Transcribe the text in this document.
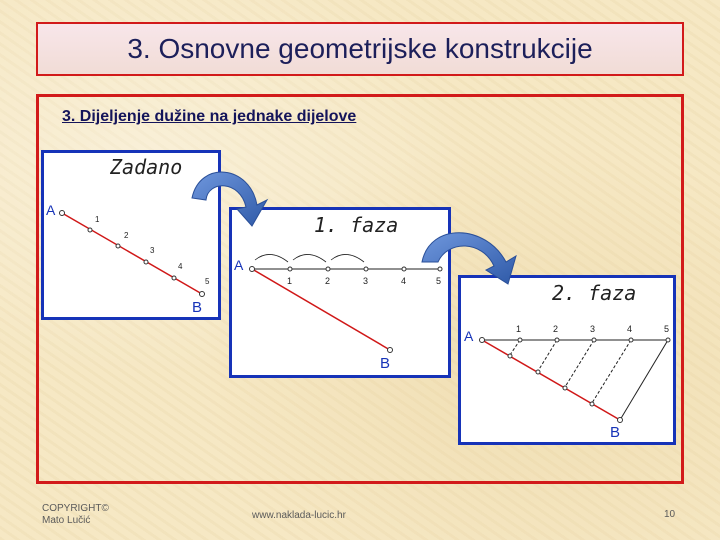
3. Osnovne geometrijske konstrukcije
3. Dijeljenje dužine na jednake dijelove
Zadano
A
B
1
2
3
4
5
1. faza
A
B
1	2	3	4	5	2. faza
A
B
1	2	3	4	5
COPYRIGHT©
Mato Lučić	www.naklada-lucic.hr	10
